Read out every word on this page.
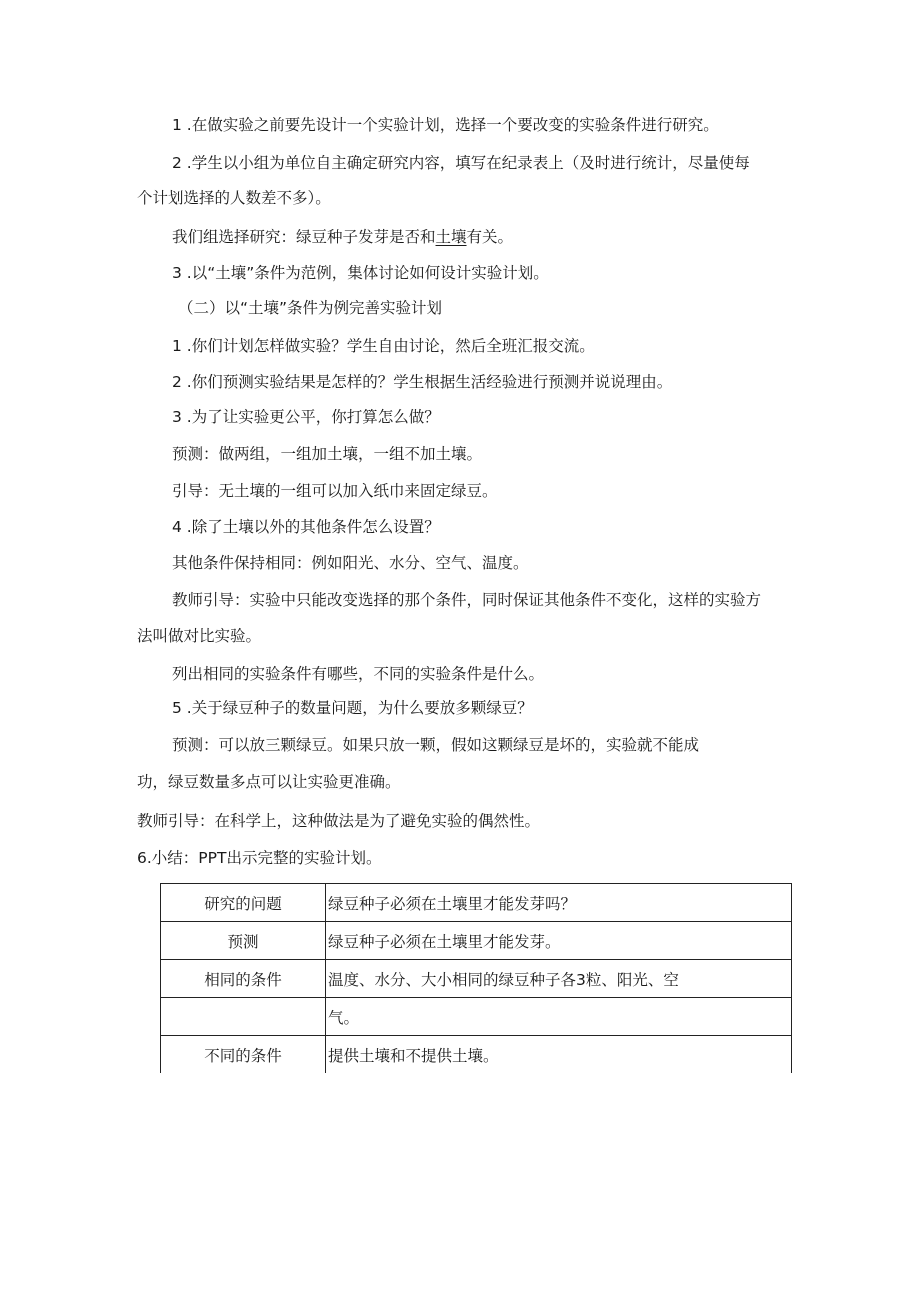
1 .在做实验之前要先设计一个实验计划，选择一个要改变的实验条件进行研究。
2 .学生以小组为单位自主确定研究内容，填写在纪录表上（及时进行统计，尽量使每
个计划选择的人数差不多）。
我们组选择研究：绿豆种子发芽是否和土壤有关。
3 .以“土壤”条件为范例，集体讨论如何设计实验计划。
（二）以“土壤”条件为例完善实验计划
1 .你们计划怎样做实验？学生自由讨论，然后全班汇报交流。
2 .你们预测实验结果是怎样的？学生根据生活经验进行预测并说说理由。
3 .为了让实验更公平，你打算怎么做？
预测：做两组，一组加土壤，一组不加土壤。
引导：无土壤的一组可以加入纸巾来固定绿豆。
4 .除了土壤以外的其他条件怎么设置？
其他条件保持相同：例如阳光、水分、空气、温度。
教师引导：实验中只能改变选择的那个条件，同时保证其他条件不变化，这样的实验方
法叫做对比实验。
列出相同的实验条件有哪些，不同的实验条件是什么。
5 .关于绿豆种子的数量问题，为什么要放多颗绿豆？
预测：可以放三颗绿豆。如果只放一颗，假如这颗绿豆是坏的，实验就不能成
功，绿豆数量多点可以让实验更准确。
教师引导：在科学上，这种做法是为了避免实验的偶然性。
6.小结：PPT出示完整的实验计划。
研究的问题	绿豆种子必须在土壤里才能发芽吗？
预测	绿豆种子必须在土壤里才能发芽。
相同的条件	温度、水分、大小相同的绿豆种子各3粒、阳光、空
	气。
不同的条件	提供土壤和不提供土壤。
